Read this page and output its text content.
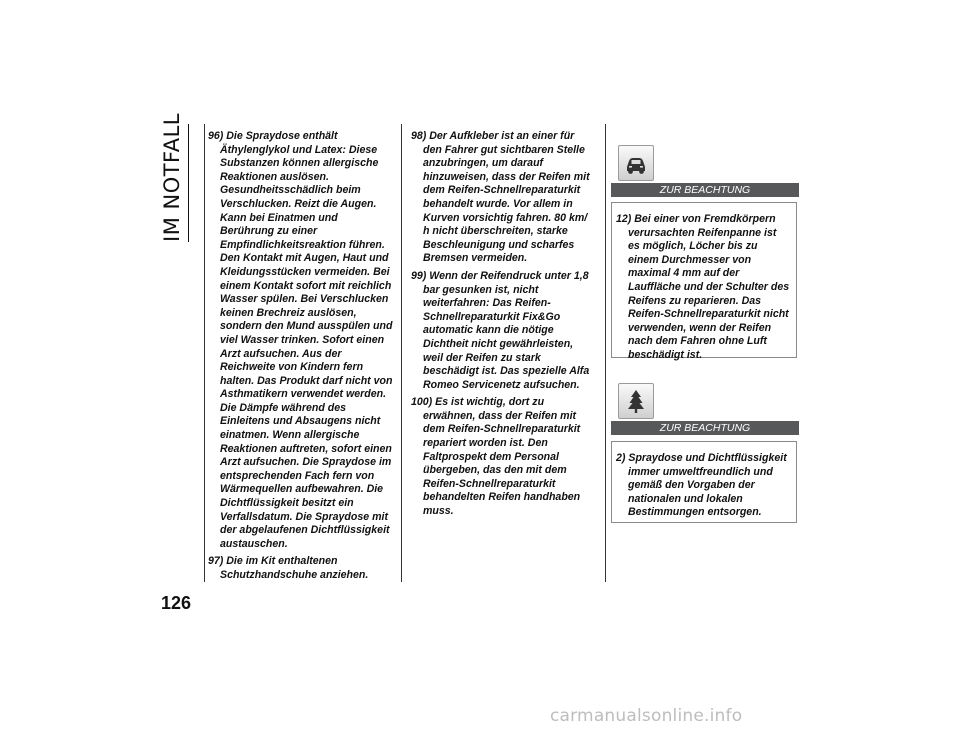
IM NOTFALL
126

96) Die Spraydose enthält Äthylenglykol und Latex: Diese Substanzen können allergische Reaktionen auslösen. Gesundheitsschädlich beim Verschlucken. Reizt die Augen. Kann bei Einatmen und Berührung zu einer Empfindlichkeitsreaktion führen. Den Kontakt mit Augen, Haut und Kleidungsstücken vermeiden. Bei einem Kontakt sofort mit reichlich Wasser spülen. Bei Verschlucken keinen Brechreiz auslösen, sondern den Mund ausspülen und viel Wasser trinken. Sofort einen Arzt aufsuchen. Aus der Reichweite von Kindern fern halten. Das Produkt darf nicht von Asthmatikern verwendet werden. Die Dämpfe während des Einleitens und Absaugens nicht einatmen. Wenn allergische Reaktionen auftreten, sofort einen Arzt aufsuchen. Die Spraydose im entsprechenden Fach fern von Wärmequellen aufbewahren. Die Dichtflüssigkeit besitzt ein Verfallsdatum. Die Spraydose mit der abgelaufenen Dichtflüssigkeit austauschen.

97) Die im Kit enthaltenen Schutzhandschuhe anziehen.

98) Der Aufkleber ist an einer für den Fahrer gut sichtbaren Stelle anzubringen, um darauf hinzuweisen, dass der Reifen mit dem Reifen-Schnellreparaturkit behandelt wurde. Vor allem in Kurven vorsichtig fahren. 80 km/ h nicht überschreiten, starke Beschleunigung und scharfes Bremsen vermeiden.

99) Wenn der Reifendruck unter 1,8 bar gesunken ist, nicht weiterfahren: Das Reifen-Schnellreparaturkit Fix&Go automatic kann die nötige Dichtheit nicht gewährleisten, weil der Reifen zu stark beschädigt ist. Das spezielle Alfa Romeo Servicenetz aufsuchen.

100) Es ist wichtig, dort zu erwähnen, dass der Reifen mit dem Reifen-Schnellreparaturkit repariert worden ist. Den Faltprospekt dem Personal übergeben, das den mit dem Reifen-Schnellreparaturkit behandelten Reifen handhaben muss.

ZUR BEACHTUNG

12) Bei einer von Fremdkörpern verursachten Reifenpanne ist es möglich, Löcher bis zu einem Durchmesser von maximal 4 mm auf der Lauffläche und der Schulter des Reifens zu reparieren. Das Reifen-Schnellreparaturkit nicht verwenden, wenn der Reifen nach dem Fahren ohne Luft beschädigt ist.

ZUR BEACHTUNG

2) Spraydose und Dichtflüssigkeit immer umweltfreundlich und gemäß den Vorgaben der nationalen und lokalen Bestimmungen entsorgen.

carmanualsonline.info
